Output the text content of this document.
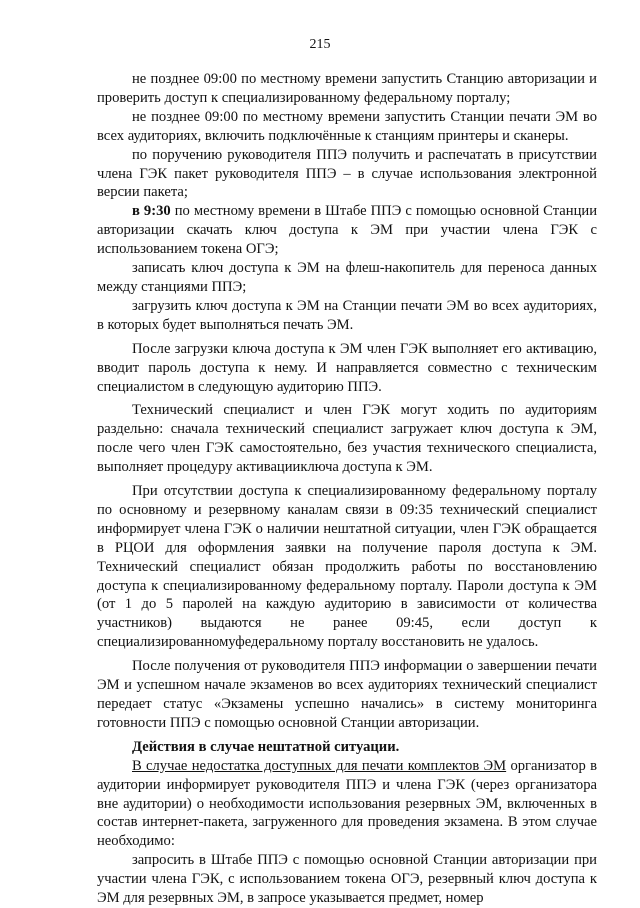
215

не позднее 09:00 по местному времени запустить Станцию авторизации и проверить доступ к специализированному федеральному порталу;

не позднее 09:00 по местному времени запустить Станции печати ЭМ во всех аудиториях, включить подключённые к станциям принтеры и сканеры.

по поручению руководителя ППЭ получить и распечатать в присутствии члена ГЭК пакет руководителя ППЭ – в случае использования электронной версии пакета;

в 9:30 по местному времени в Штабе ППЭ с помощью основной Станции авторизации скачать ключ доступа к ЭМ при участии члена ГЭК с использованием токена ОГЭ;

записать ключ доступа к ЭМ на флеш-накопитель для переноса данных между станциями ППЭ;

загрузить ключ доступа к ЭМ на Станции печати ЭМ во всех аудиториях, в которых будет выполняться печать ЭМ.

После загрузки ключа доступа к ЭМ член ГЭК выполняет его активацию, вводит пароль доступа к нему. И направляется совместно с техническим специалистом в следующую аудиторию ППЭ.

Технический специалист и член ГЭК могут ходить по аудиториям раздельно: сначала технический специалист загружает ключ доступа к ЭМ, после чего член ГЭК самостоятельно, без участия технического специалиста, выполняет процедуру активацииключа доступа к ЭМ.

При отсутствии доступа к специализированному федеральному порталу по основному и резервному каналам связи в 09:35 технический специалист информирует члена ГЭК о наличии нештатной ситуации, член ГЭК обращается в РЦОИ для оформления заявки на получение пароля доступа к ЭМ. Технический специалист обязан продолжить работы по восстановлению доступа к специализированному федеральному порталу. Пароли доступа к ЭМ (от 1 до 5 паролей на каждую аудиторию в зависимости от количества участников) выдаются не ранее 09:45, если доступ к специализированномуфедеральному порталу восстановить не удалось.

После получения от руководителя ППЭ информации о завершении печати ЭМ и успешном начале экзаменов во всех аудиториях технический специалист передает статус «Экзамены успешно начались» в систему мониторинга готовности ППЭ с помощью основной Станции авторизации.

Действия в случае нештатной ситуации.

В случае недостатка доступных для печати комплектов ЭМ организатор в аудитории информирует руководителя ППЭ и члена ГЭК (через организатора вне аудитории) о необходимости использования резервных ЭМ, включенных в состав интернет-пакета, загруженного для проведения экзамена. В этом случае необходимо:

запросить в Штабе ППЭ с помощью основной Станции авторизации при участии члена ГЭК, с использованием токена ОГЭ, резервный ключ доступа к ЭМ для резервных ЭМ, в запросе указывается предмет, номер
